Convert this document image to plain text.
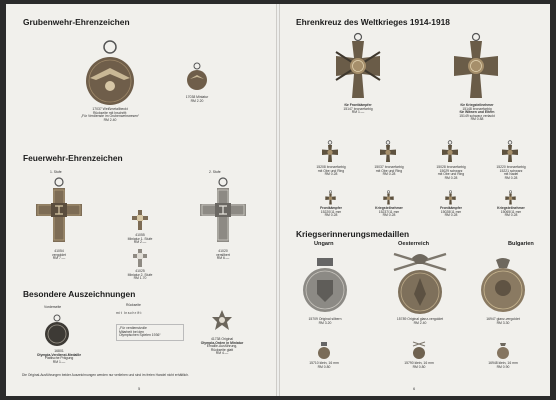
Grubenwehr-Ehrenzeichen
17037 Weißmetallbeckt
Rückseite mit Inschrift:
„Für Verdienste im Grubenwehrwesen“
RM 2.40
17038 Miniatur
RM 2.20
Feuerwehr-Ehrenzeichen
1. Stufe	2. Stufe
41054
vergoldet
RM 7.—
41055
Miniatur 1. Stufe
RM 2.—
41025
Miniatur 2. Stufe
RM 1.70
41020
versilbert
RM 6.—
Besondere Auszeichnungen
Vorderseite	Rückseite
mit Inschrift:
16801
Olympia-Verdienst-Medaille
Plattische Prägung
RM 1.—
„Für verdienstvolle
Mitarbeit bei den
Olympischen Spielen 1936“
41738 Original
Olympia-Orden in Miniatur
Emaille-Ausführung,
Rückseite glatt
RM 4.—
Die Original-Ausführungen beider Auszeichnungen werden nur verliehen und sind im freien Handel nicht erhältlich.
5
Ehrenkreuz des Weltkrieges 1914-1918
für Frontkämpfer
15147 bronzefarbig
RM 1.—
für Kriegsteilnehmer
15148 bronzefarbig
für Witwen und Eltern
15149 schwarz verlackt
RM 0.88
Kriegserinnerungsmedaillen
Ungarn	Oesterreich	Bulgarien
15709 Original silbern
RM 3.20
15789 Original glanz-vergoldet
RM 2.40
16947 glanz-vergoldet
RM 3.30
15710 klein, 16 mm
RM 0.80
15790 klein, 16 mm
RM 0.80
16948 klein, 16 mm
RM 0.90
6
15208 bronzefarbig
mit Obe und Ring
RM 0.28
15037 bronzefarbig
mit Obe und Ring
RM 0.28
15028 bronzefarbig
15029 schwarz
mit Obe und Ring
RM 0.28
15220 bronzefarbig
15221 schwarz
mit Nadel
RM 0.28
Frontkämpfer
15220/11 mm
RM 0.28
Kriegsteilnehmer
15237/11 mm
RM 0.28
Frontkämpfer
15028/11 mm
RM 0.28
Kriegsteilnehmer
15065/11 mm
RM 0.28
